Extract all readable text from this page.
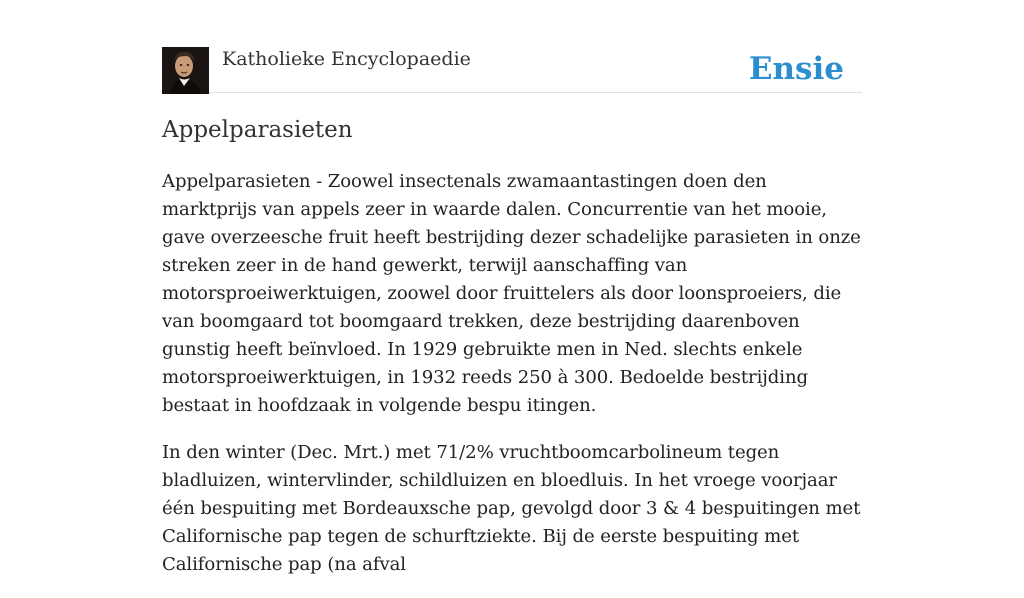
Katholieke Encyclopaedie	Ensie
Appelparasieten

Appelparasieten - Zoowel insectenals zwamaantastingen doen den marktprijs van appels zeer in waarde dalen. Concurrentie van het mooie, gave overzeesche fruit heeft bestrijding dezer schadelijke parasieten in onze streken zeer in de hand gewerkt, terwijl aanschaffing van motorsproeiwerktuigen, zoowel door fruittelers als door loonsproeiers, die van boomgaard tot boomgaard trekken, deze bestrijding daarenboven gunstig heeft beïnvloed. In 1929 gebruikte men in Ned. slechts enkele motorsproeiwerktuigen, in 1932 reeds 250 à 300. Bedoelde bestrijding bestaat in hoofdzaak in volgende bespu itingen.

In den winter (Dec. Mrt.) met 71/2% vruchtboomcarbolineum tegen bladluizen, wintervlinder, schildluizen en bloedluis. In het vroege voorjaar één bespuiting met Bordeauxsche pap, gevolgd door 3 & 4 bespuitingen met Californische pap tegen de schurftziekte. Bij de eerste bespuiting met Californische pap (na afval
